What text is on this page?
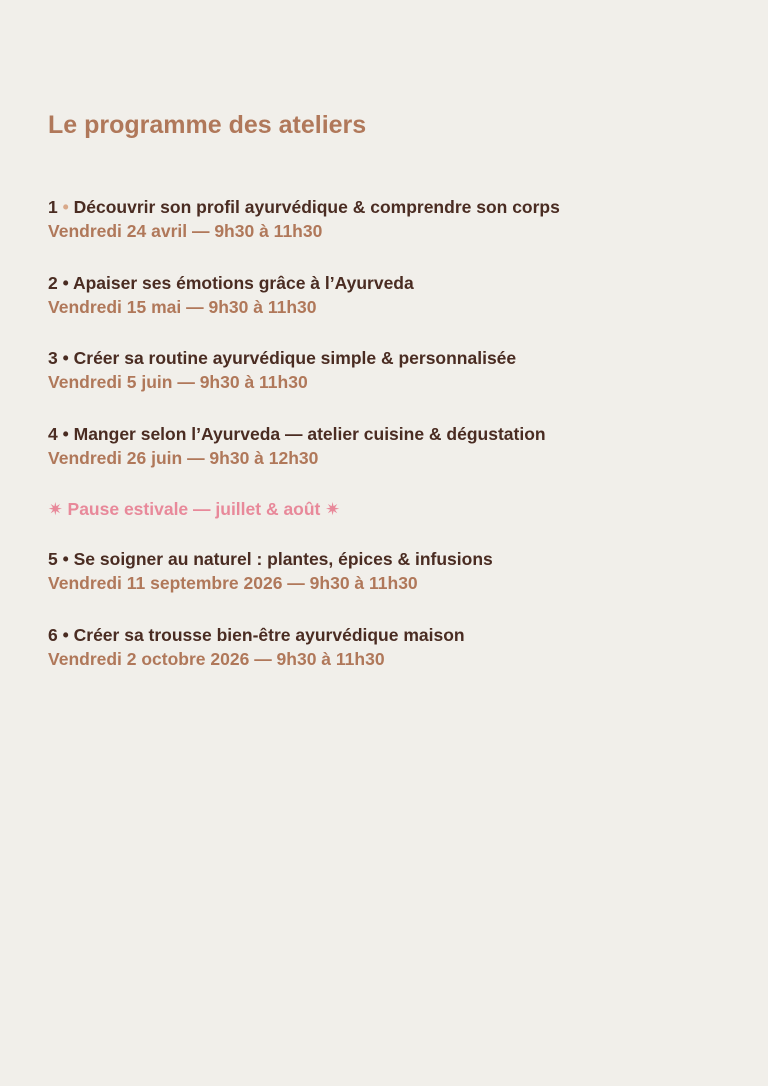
Le programme des ateliers
1 • Découvrir son profil ayurvédique & comprendre son corps
Vendredi 24 avril — 9h30 à 11h30
2 • Apaiser ses émotions grâce à l’Ayurveda
Vendredi 15 mai — 9h30 à 11h30
3 • Créer sa routine ayurvédique simple & personnalisée
Vendredi 5 juin — 9h30 à 11h30
4 • Manger selon l’Ayurveda — atelier cuisine & dégustation
Vendredi 26 juin — 9h30 à 12h30
✷ Pause estivale — juillet & août ✷
5 • Se soigner au naturel : plantes, épices & infusions
Vendredi 11 septembre 2026 — 9h30 à 11h30
6 • Créer sa trousse bien-être ayurvédique maison
Vendredi 2 octobre 2026 — 9h30 à 11h30
